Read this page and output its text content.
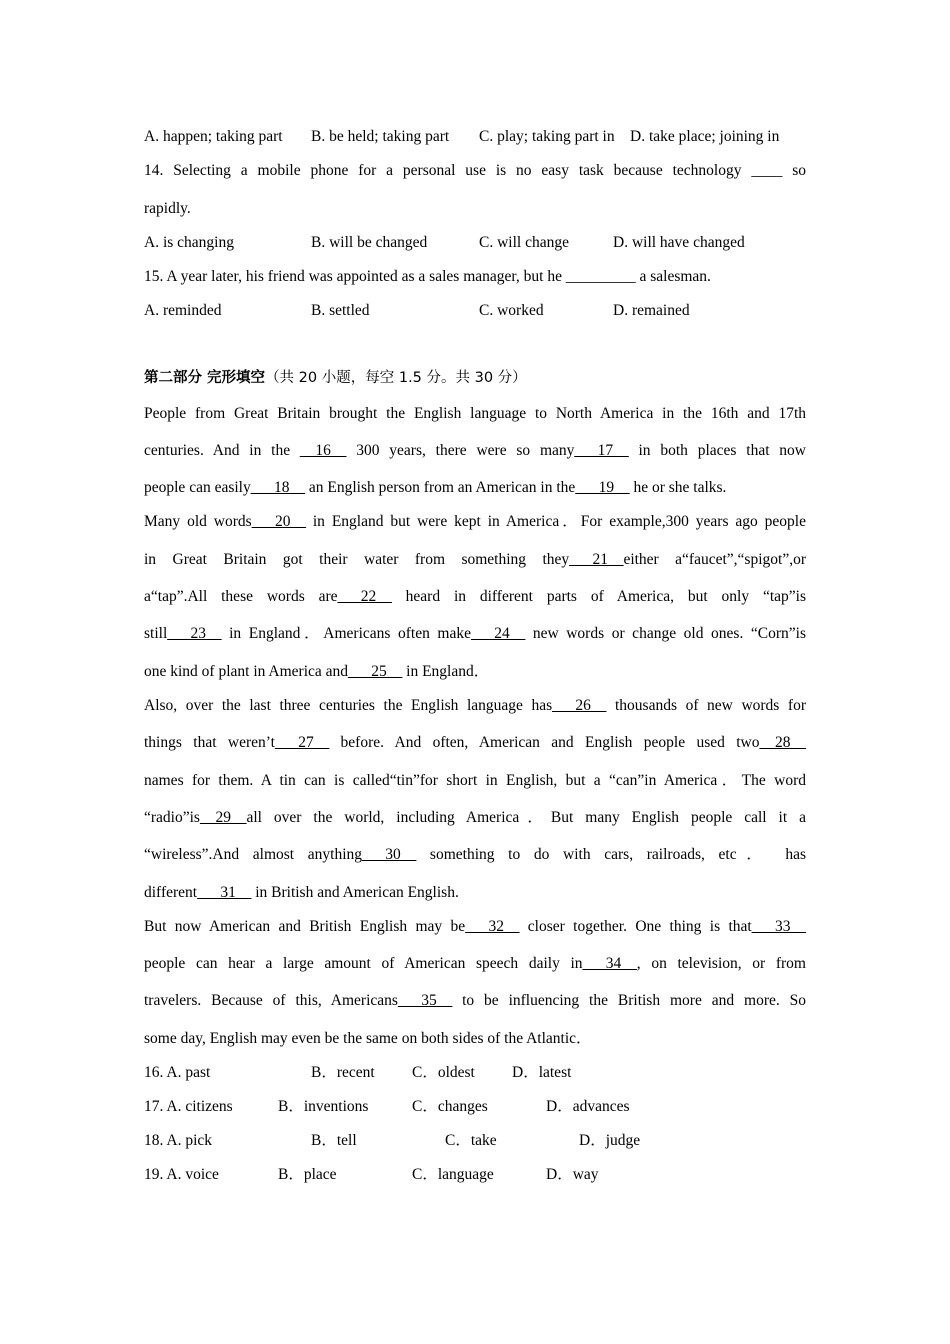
A. happen; taking part B. be held; taking part C. play; taking part in D. take place; joining in
14. Selecting a mobile phone for a personal use is no easy task because technology ____ so
rapidly.
A. is changing	B. will be changed	C. will change	D. will have changed
15. A year later, his friend was appointed as a sales manager, but he _________ a salesman.
A. reminded	B. settled	C. worked	D. remained
第二部分 完形填空（共 20 小题，每空 1.5 分。共 30 分）
People from Great Britain brought the English language to North America in the 16th and 17th
centuries. And in the __16__ 300 years, there were so many___17__ in both places that now
people can easily___18__ an English person from an American in the___19__ he or she talks.
Many old words___20__ in England but were kept in America．For example,300 years ago people
in Great Britain got their water from something they___21__either a“faucet”,“spigot”,or
a“tap”.All these words are___22__ heard in different parts of America, but only “tap”is
still___23__ in England．Americans often make___24__ new words or change old ones. “Corn”is
one kind of plant in America and___25__ in England．
Also, over the last three centuries the English language has___26__ thousands of new words for
things that weren’t___27__ before. And often, American and English people used two__28__
names for them. A tin can is called“tin”for short in English, but a “can”in America．The word
“radio”is__29__all over the world, including America．But many English people call it a
“wireless”.And almost anything___30__ something to do with cars, railroads, etc． has
different___31__ in British and American English.
But now American and British English may be___32__ closer together. One thing is that___33__
people can hear a large amount of American speech daily in___34__, on television, or from
travelers. Because of this, Americans___35__ to be influencing the British more and more. So
some day, English may even be the same on both sides of the Atlantic．
16. A. past	B．recent C．oldest D．latest
17. A. citizens	B．inventions	C．changes	D．advances
18. A. pick	B．tell	C．take	D．judge
19. A. voice	B．place	C．language	D．way
